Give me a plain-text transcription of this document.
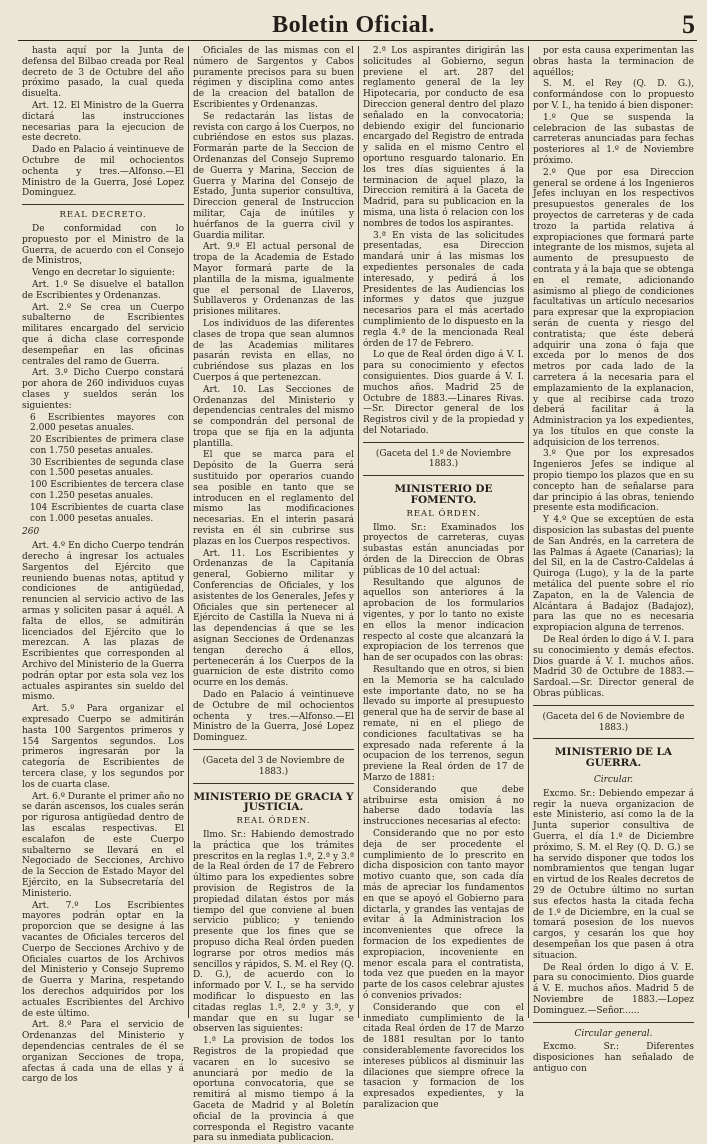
Boletin Oficial.	5

hasta aquí por la Junta de defensa del Bilbao creada por Real decreto de 3 de Octubre del año próximo pasado, la cual queda disuelta.

Art. 12. El Ministro de la Guerra dictará las instrucciones necesarias para la ejecucion de este decreto.

Dado en Palacio á veintinueve de Octubre de mil ochocientos ochenta y tres.—Alfonso.—El Ministro de la Guerra, José Lopez Dominguez.

REAL DECRETO.

De conformidad con lo propuesto por el Ministro de la Guerra, de acuerdo con el Consejo de Ministros,

Vengo en decretar lo siguiente:

Art. 1.º Se disuelve el batallon de Escribientes y Ordenanzas.

Art. 2.º Se crea un Cuerpo subalterno de Escribientes militares encargado del servicio que á dicha clase corresponde desempeñar en las oficinas centrales del ramo de Guerra.

Art. 3.º Dicho Cuerpo constará por ahora de 260 individuos cuyas clases y sueldos serán los siguientes:

6 Escribientes mayores con 2.000 pesetas anuales.

20 Escribientes de primera clase con 1.750 pesetas anuales.

30 Escribientes de segunda clase con 1.500 pesetas anuales.

100 Escribientes de tercera clase con 1.250 pesetas anuales.

104 Escribientes de cuarta clase con 1.000 pesetas anuales.

260

Art. 4.º En dicho Cuerpo tendrán derecho á ingresar los actuales Sargentos del Ejército que reuniendo buenas notas, aptitud y condiciones de antigüedad, renuncien al servicio activo de las armas y soliciten pasar á aquél. A falta de ellos, se admitirán licenciados del Ejército que lo merezcan. A las plazas de Escribientes que corresponden al Archivo del Ministerio de la Guerra podrán optar por esta sola vez los actuales aspirantes sin sueldo del mismo.

Art. 5.º Para organizar el expresado Cuerpo se admitirán hasta 100 Sargentos primeros y 154 Sargentos segundos. Los primeros ingresarán por la categoría de Escribientes de tercera clase, y los segundos por los de cuarta clase.

Art. 6.º Durante el primer año no se darán ascensos, los cuales serán por rigurosa antigüedad dentro de las escalas respectivas. El escalafon de este Cuerpo subalterno se llevará en el Negociado de Secciones, Archivo de la Seccion de Estado Mayor del Ejército, en la Subsecretaría del Ministerio.

Art. 7.º Los Escribientes mayores podrán optar en la proporcion que se designe á las vacantes de Oficiales terceros del Cuerpo de Secciones Archivo y de Oficiales cuartos de los Archivos del Ministerio y Consejo Supremo de Guerra y Marina, respetando los derechos adquiridos por los actuales Escribientes del Archivo de este último.

Art. 8.º Para el servicio de Ordenanzas del Ministerio y dependencias centrales de él se organizan Secciones de tropa, afectas á cada una de ellas y á cargo de los

Oficiales de las mismas con el número de Sargentos y Cabos puramente precisos para su buen régimen y disciplina como antes de la creacion del batallon de Escribientes y Ordenanzas.

Se redactarán las listas de revista con cargo á los Cuerpos, no cubriéndose en estos sus plazas. Formarán parte de la Seccion de Ordenanzas del Consejo Supremo de Guerra y Marina, Seccion de Guerra y Marina del Consejo de Estado, Junta superior consultiva, Direccion general de Instruccion militar, Caja de inútiles y huérfanos de la guerra civil y Guardia militar.

Art. 9.º El actual personal de tropa de la Academia de Estado Mayor formará parte de la plantilla de la misma, igualmente que el personal de Llaveros, Subllaveros y Ordenanzas de las prisiones militares.

Los individuos de las diferentes clases de tropa que sean alumnos de las Academias militares pasarán revista en ellas, no cubriéndose sus plazas en los Cuerpos á que pertenezcan.

Art. 10. Las Secciones de Ordenanzas del Ministerio y dependencias centrales del mismo se compondrán del personal de tropa que se fija en la adjunta plantilla.

El que se marca para el Depósito de la Guerra será sustituido por operarios cuando sea posible en tanto que se introducen en el reglamento del mismo las modificaciones necesarias. En el interin pasará revista en él sin cubrirse sus plazas en los Cuerpos respectivos.

Art. 11. Los Escribientes y Ordenanzas de la Capitanía general, Gobierno militar y Conferencias de Oficiales, y los asistentes de los Generales, Jefes y Oficiales que sin pertenecer al Ejército de Castilla la Nueva ni á las dependencias á que se les asignan Secciones de Ordenanzas tengan derecho á ellos, pertenecerán á los Cuerpos de la guarnicion de este distrito como ocurre en los demás.

Dado en Palacio á veintinueve de Octubre de mil ochocientos ochenta y tres.—Alfonso.—El Ministro de la Guerra, José Lopez Dominguez.

(Gaceta del 3 de Noviembre de 1883.)

MINISTERIO DE GRACIA Y JUSTICIA.

REAL ÓRDEN.

Ilmo. Sr.: Habiendo demostrado la práctica que los trámites prescritos en la reglas 1.ª, 2.ª y 3.ª de la Real órden de 17 de Febrero último para los expedientes sobre provision de Registros de la propiedad dilatan éstos por más tiempo del que conviene al buen servicio público; y teniendo presente que los fines que se propuso dicha Real órden pueden lograrse por otros medios más sencillos y rápidos, S. M. el Rey (Q. D. G.), de acuerdo con lo informado por V. I., se ha servido modificar lo dispuesto en las citadas reglas 1.ª, 2.ª y 3.ª, y mandar que en su lugar se observen las siguientes:

1.ª La provision de todos los Registros de la propiedad que vacaren en lo sucesivo se anunciará por medio de la oportuna convocatoria, que se remitirá al mismo tiempo á la Gaceta de Madrid y al Boletín oficial de la provincia á que corresponda el Registro vacante para su inmediata publicacion.

2.ª Los aspirantes dirigirán las solicitudes al Gobierno, segun previene el art. 287 del reglamento general de la ley Hipotecaria, por conducto de esa Direccion general dentro del plazo señalado en la convocatoria; debiendo exigir del funcionario encargado del Registro de entrada y salida en el mismo Centro el oportuno resguardo talonario. En los tres días siguientes á la terminacion de aquel plazo, la Direccion remitirá á la Gaceta de Madrid, para su publicacion en la misma, una lista ó relacion con los nombres de todos los aspirantes.

3.ª En vista de las solicitudes presentadas, esa Direccion mandará unir á las mismas los expedientes personales de cada interesado, y pedirá á los Presidentes de las Audiencias los informes y datos que juzgue necesarios para el más acertado cumplimiento de lo dispuesto en la regla 4.ª de la mencionada Real órden de 17 de Febrero.

Lo que de Real órden digo á V. I. para su conocimiento y efectos consiguientes. Dios guarde á V. I. muchos años. Madrid 25 de Octubre de 1883.—Linares Rivas.—Sr. Director general de los Registros civil y de la propiedad y del Notariado.

(Gaceta del 1.º de Noviembre 1883.)

MINISTERIO DE FOMENTO.

REAL ÓRDEN.

Ilmo. Sr.: Examinados los proyectos de carreteras, cuyas subastas están anunciadas por órden de la Direccion de Obras públicas de 10 del actual:

Resultando que algunos de aquellos son anteriores á la aprobacion de los formularios vigentes, y por lo tanto no existe en ellos la menor indicacion respecto al coste que alcanzará la expropiacion de los terrenos que han de ser ocupados con las obras:

Resultando que en otros, si bien en la Memoria se ha calculado este importante dato, no se ha llevado su importe al presupuesto general que ha de servir de base al remate, ni en el pliego de condiciones facultativas se ha expresado nada referente á la ocupacion de los terrenos, segun previene la Real órden de 17 de Marzo de 1881:

Considerando que debe atribuirse esta omision á no haberse dado todavía las instrucciones necesarias al efecto:

Considerando que no por esto deja de ser procedente el cumplimiento de lo prescrito en dicha disposicion con tanto mayor motivo cuanto que, son cada día más de apreciar los fundamentos en que se apoyó el Gobierno para dictarla, y grandes las ventajas de evitar á la Administracion los inconvenientes que ofrece la formacion de los expedientes de expropiacion, incoveniente en menor escala para el contratista, toda vez que pueden en la mayor parte de los casos celebrar ajustes ó convenios privados:

Considerando que con el inmediato cumplimiento de la citada Real órden de 17 de Marzo de 1881 resultan por lo tanto considerablemente favorecidos los intereses públicos al disminuir las dilaciones que siempre ofrece la tasacion y formacion de los expresados expedientes, y la paralizacion que

por esta causa experimentan las obras hasta la terminacion de aquéllos;

S. M. el Rey (Q. D. G.), conformándose con lo propuesto por V. I., ha tenido á bien disponer:

1.º Que se suspenda la celebracion de las subastas de carreteras anunciadas para fechas posteriores al 1.º de Noviembre próximo.

2.º Que por esa Direccion general se ordene á los Ingenieros Jefes incluyan en los respectivos presupuestos generales de los proyectos de carreteras y de cada trozo la partida relativa á expropiaciones que formará parte integrante de los mismos, sujeta al aumento de presupuesto de contrata y á la baja que se obtenga en el remate, adicionando asimismo al pliego de condiciones facultativas un artículo necesarios para expresar que la expropiacion serán de cuenta y riesgo del contratista; que éste deberá adquirir una zona ó faja que exceda por lo menos de dos metros por cada lado de la carretera á la necesaria para el emplazamiento de la explanacion, y que al recibirse cada trozo deberá facilitar á la Administracion ya los expedientes, ya los títulos en que conste la adquisicion de los terrenos.

3.º Que por los expresados Ingenieros Jefes se indique al propio tiempo los plazos que en su concepto han de señalarse para dar principio á las obras, teniendo presente esta modificacion.

Y 4.º Que se exceptúen de esta disposicion las subastas del puente de San Andrés, en la carretera de las Palmas á Agaete (Canarias); la del Sil, en la de Castro-Caldelas á Quiroga (Lugo), y la de la parte metálica del puente sobre el río Zapaton, en la de Valencia de Alcántara á Badajoz (Badajoz), para las que no es necesaria expropiacion alguna de terrenos.

De Real órden lo digo á V. I. para su conocimiento y demás efectos. Dios guarde á V. I. muchos años. Madrid 30 de Octubre de 1883.—Sardoal.—Sr. Director general de Obras públicas.

(Gaceta del 6 de Noviembre de 1883.)

MINISTERIO DE LA GUERRA.

Circular.

Excmo. Sr.: Debiendo empezar á regir la nueva organizacion de este Ministerio, así como la de la Junta superior consultiva de Guerra, el día 1.º de Diciembre próximo, S. M. el Rey (Q. D. G.) se ha servido disponer que todos los nombramientos que tengan lugar en virtud de los Reales decretos de 29 de Octubre último no surtan sus efectos hasta la citada fecha de 1.º de Diciembre, en la cual se tomará posesion de los nuevos cargos, y cesarán los que hoy desempeñan los que pasen á otra situacion.

De Real órden lo digo á V. E. para su conocimiento. Dios guarde á V. E. muchos años. Madrid 5 de Noviembre de 1883.—Lopez Dominguez.—Señor......

Circular general.

Excmo. Sr.: Diferentes disposiciones han señalado de antiguo con
